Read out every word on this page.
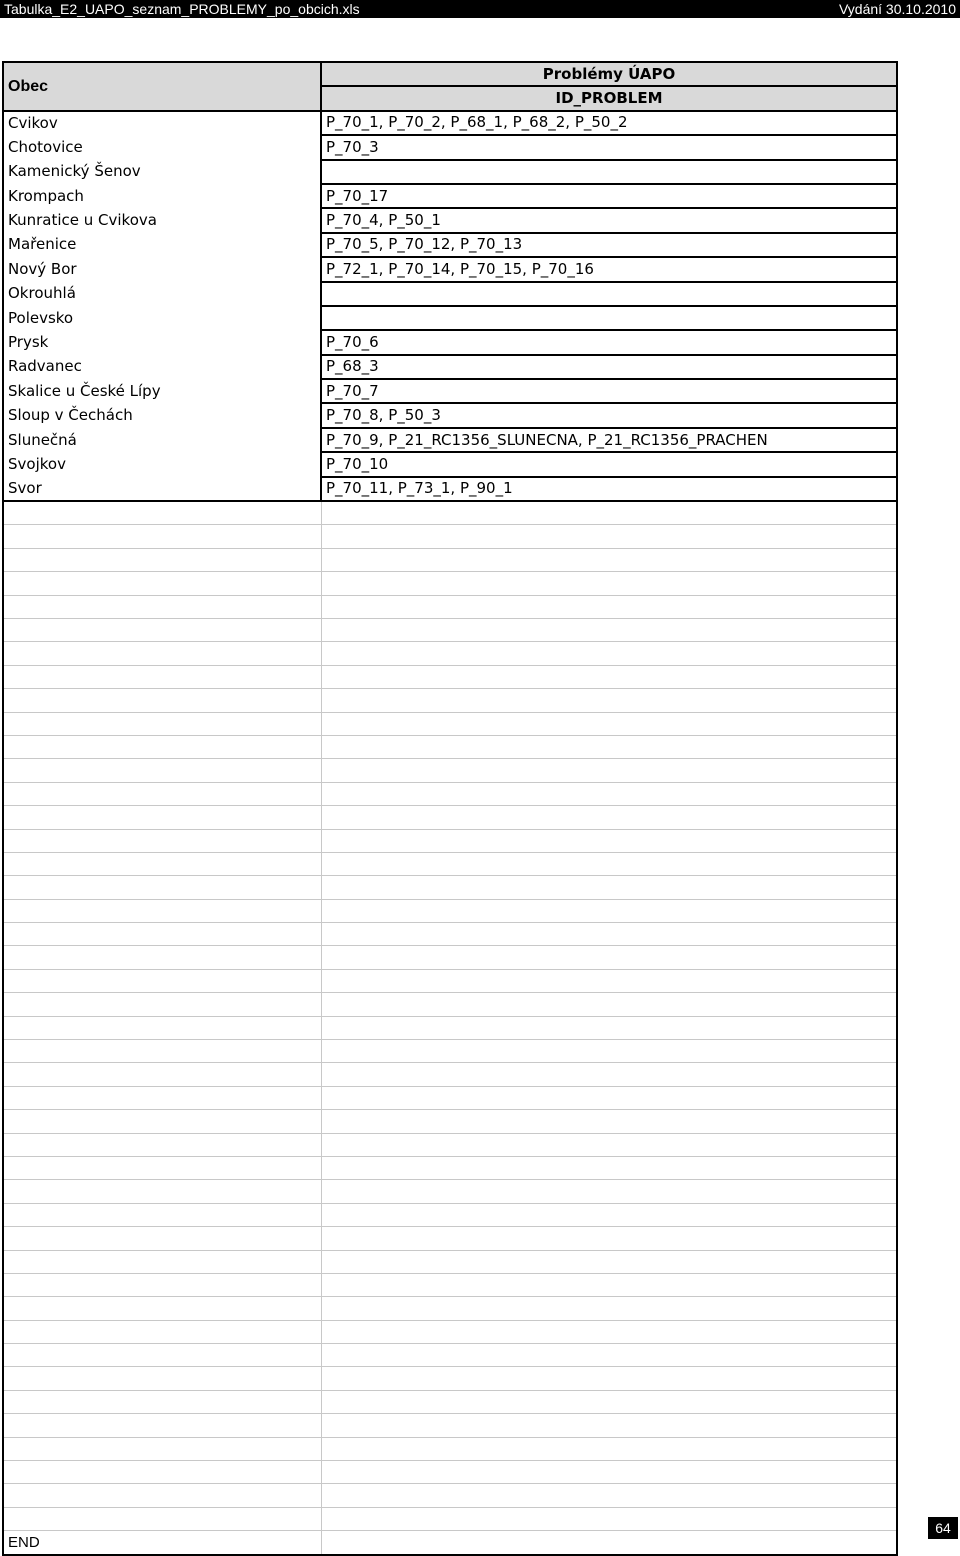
Tabulka_E2_UAPO_seznam_PROBLEMY_po_obcich.xls	Vydání 30.10.2010
Obec	Problémy ÚAPO
	ID_PROBLEM
Cvikov	P_70_1, P_70_2, P_68_1, P_68_2, P_50_2
Chotovice	P_70_3
Kamenický Šenov	
Krompach	P_70_17
Kunratice u Cvikova	P_70_4, P_50_1
Mařenice	P_70_5, P_70_12, P_70_13
Nový Bor	P_72_1, P_70_14, P_70_15, P_70_16
Okrouhlá	
Polevsko	
Prysk	P_70_6
Radvanec	P_68_3
Skalice u České Lípy	P_70_7
Sloup v Čechách	P_70_8, P_50_3
Slunečná	P_70_9, P_21_RC1356_SLUNECNA, P_21_RC1356_PRACHEN
Svojkov	P_70_10
Svor	P_70_11, P_73_1, P_90_1

END	
64
